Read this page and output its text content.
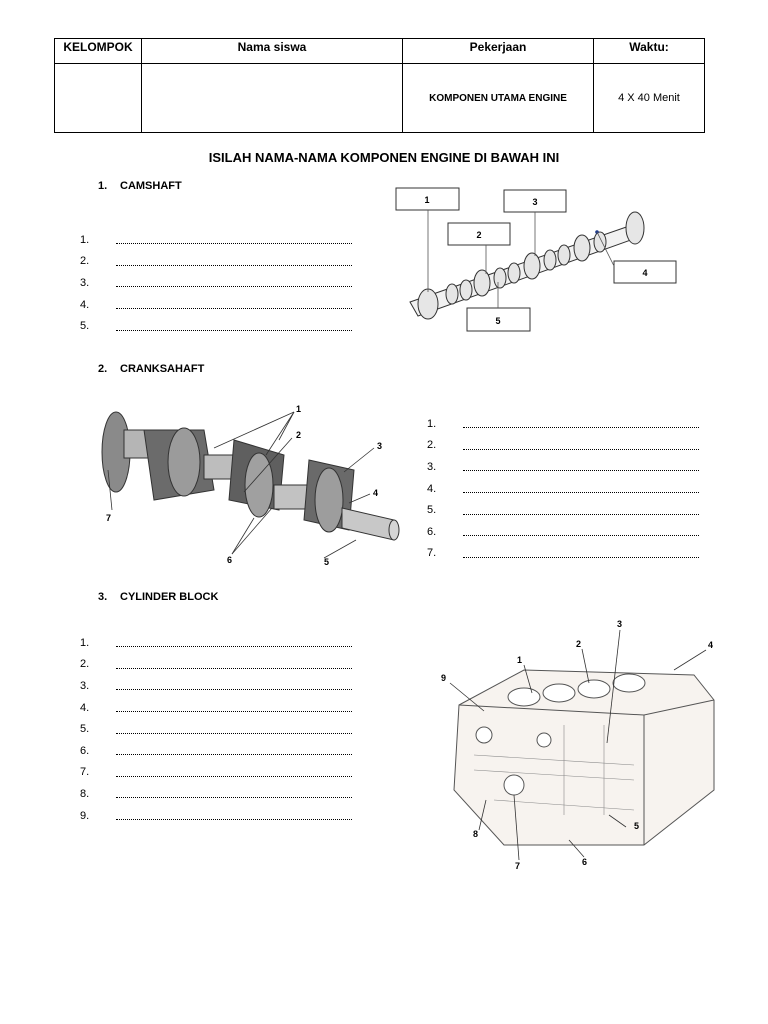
KELOMPOK	Nama siswa	Pekerjaan	Waktu:

		KOMPONEN UTAMA ENGINE	4 X 40 Menit
ISILAH NAMA-NAMA KOMPONEN ENGINE DI BAWAH INI
1. CAMSHAFT
1.
2.
3.
4.
5.
1
2
3
4
5
2. CRANKSAHAFT
1
2
3
4
5
6
7
1.
2.
3.
4.
5.
6.
7.
3. CYLINDER BLOCK
1.
2.
3.
4.
5.
6.
7.
8.
9.
1
2
3
4
5
6
7
8
9
